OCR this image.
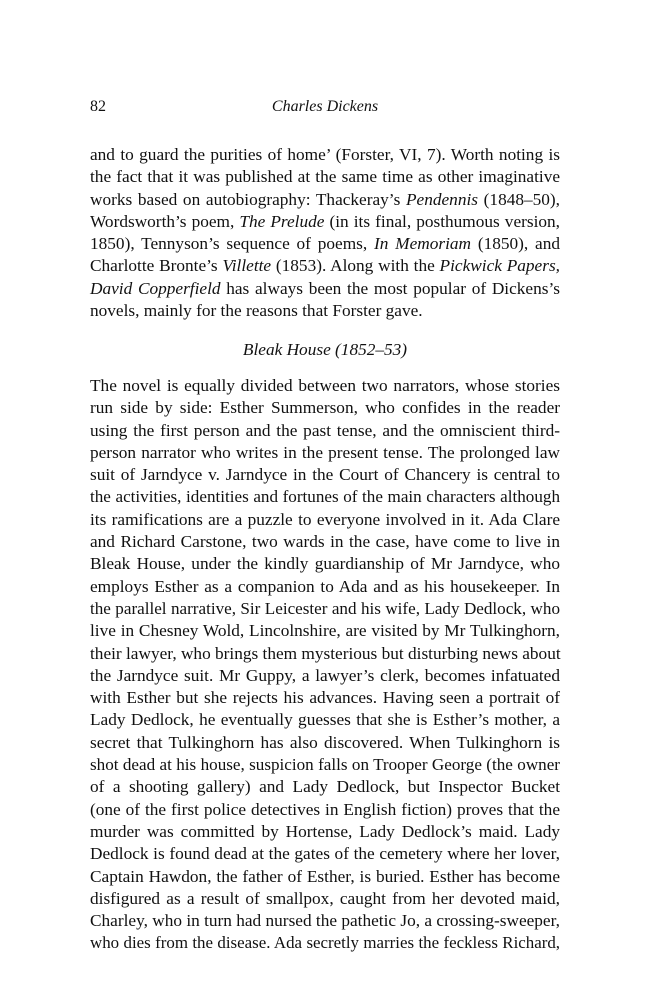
82	Charles Dickens
and to guard the purities of home’ (Forster, VI, 7). Worth noting is
the fact that it was published at the same time as other imaginative
works based on autobiography: Thackeray’s Pendennis (1848–50),
Wordsworth’s poem, The Prelude (in its final, posthumous version,
1850), Tennyson’s sequence of poems, In Memoriam (1850), and
Charlotte Bronte’s Villette (1853). Along with the Pickwick Papers,
David Copperfield has always been the most popular of Dickens’s
novels, mainly for the reasons that Forster gave.
Bleak House (1852–53)
The novel is equally divided between two narrators, whose stories
run side by side: Esther Summerson, who confides in the reader
using the first person and the past tense, and the omniscient third-
person narrator who writes in the present tense. The prolonged law
suit of Jarndyce v. Jarndyce in the Court of Chancery is central to
the activities, identities and fortunes of the main characters although
its ramifications are a puzzle to everyone involved in it. Ada Clare
and Richard Carstone, two wards in the case, have come to live in
Bleak House, under the kindly guardianship of Mr Jarndyce, who
employs Esther as a companion to Ada and as his housekeeper. In
the parallel narrative, Sir Leicester and his wife, Lady Dedlock, who
live in Chesney Wold, Lincolnshire, are visited by Mr Tulkinghorn,
their lawyer, who brings them mysterious but disturbing news about
the Jarndyce suit. Mr Guppy, a lawyer’s clerk, becomes infatuated
with Esther but she rejects his advances. Having seen a portrait of
Lady Dedlock, he eventually guesses that she is Esther’s mother, a
secret that Tulkinghorn has also discovered. When Tulkinghorn is
shot dead at his house, suspicion falls on Trooper George (the owner
of a shooting gallery) and Lady Dedlock, but Inspector Bucket
(one of the first police detectives in English fiction) proves that the
murder was committed by Hortense, Lady Dedlock’s maid. Lady
Dedlock is found dead at the gates of the cemetery where her lover,
Captain Hawdon, the father of Esther, is buried. Esther has become
disfigured as a result of smallpox, caught from her devoted maid,
Charley, who in turn had nursed the pathetic Jo, a crossing-sweeper,
who dies from the disease. Ada secretly marries the feckless Richard,
